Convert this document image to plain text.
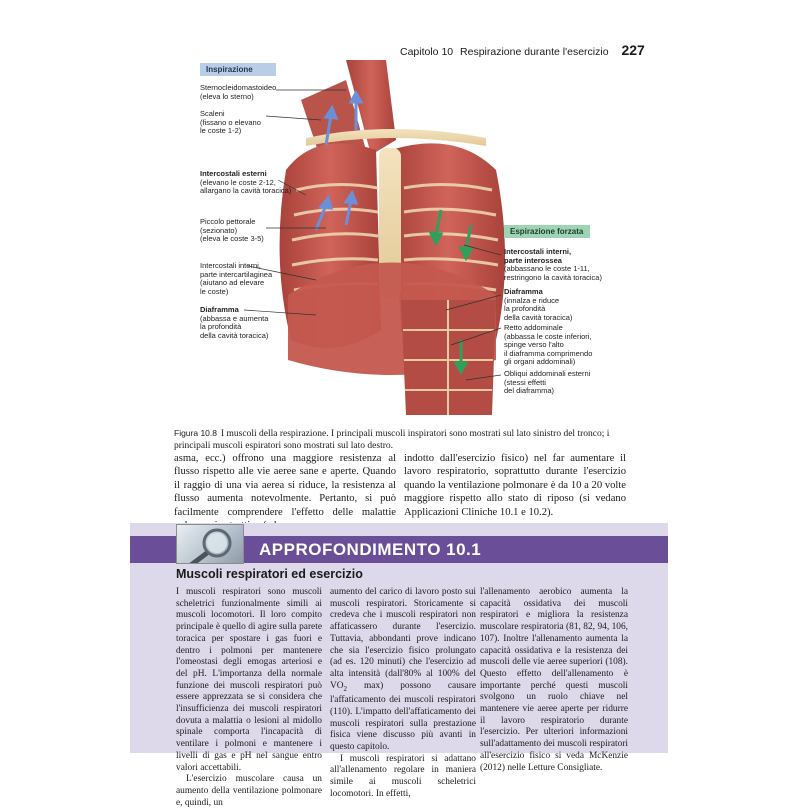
Capitolo 10 Respirazione durante l'esercizio 227
Inspirazione
Espirazione forzata
Sternocleidomastoideo
(eleva lo sterno)
Scaleni
(fissano o elevano
le coste 1-2)
Intercostali esterni
(elevano le coste 2-12,
allargano la cavità toracica)
Piccolo pettorale
(sezionato)
(eleva le coste 3-5)
Intercostali interni,
parte intercartilaginea
(aiutano ad elevare
le coste)
Diaframma
(abbassa e aumenta
la profondità
della cavità toracica)
Intercostali interni,
parte interossea
(abbassano le coste 1-11,
restringono la cavità toracica)
Diaframma
(innalza e riduce
la profondità
della cavità toracica)
Retto addominale
(abbassa le coste inferiori,
spinge verso l'alto
il diaframma comprimendo
gli organi addominali)
Obliqui addominali esterni
(stessi effetti
del diaframma)
Figura 10.8 I muscoli della respirazione. I principali muscoli inspiratori sono mostrati sul lato sinistro del tronco; i principali muscoli espiratori sono mostrati sul lato destro.
asma, ecc.) offrono una maggiore resistenza al flusso rispetto alle vie aeree sane e aperte. Quando il raggio di una via aerea si riduce, la resistenza al flusso aumenta notevolmente. Pertanto, si può facilmente comprendere l'effetto delle malattie
indotto dall'esercizio fisico) nel far aumentare il lavoro respiratorio, soprattutto durante l'esercizio quando la ventilazione polmonare è da 10 a 20 volte maggiore rispetto allo stato di riposo (si vedano Applicazioni Cliniche 10.1 e 10.2).
APPROFONDIMENTO 10.1
Muscoli respiratori ed esercizio
I muscoli respiratori sono muscoli scheletrici funzionalmente simili ai muscoli locomotori. Il loro compito principale è quello di agire sulla parete toracica per spostare i gas fuori e dentro i polmoni per mantenere l'omeostasi degli emogas arteriosi e del pH. L'importanza della normale funzione dei muscoli respiratori può essere apprezzata se si considera che l'insufficienza dei muscoli respiratori dovuta a malattia o lesioni al midollo spinale comporta l'incapacità di ventilare i polmoni e mantenere i livelli di gas e pH nel sangue entro valori accettabili.
L'esercizio muscolare causa un aumento della ventilazione polmonare e, quindi, un
aumento del carico di lavoro posto sui muscoli respiratori. Storicamente si credeva che i muscoli respiratori non affaticassero durante l'esercizio. Tuttavia, abbondanti prove indicano che sia l'esercizio fisico prolungato (ad es. 120 minuti) che l'esercizio ad alta intensità (dall'80% al 100% del $VO_2$ max) possono causare l'affaticamento dei muscoli respiratori (110). L'impatto dell'affaticamento dei muscoli respiratori sulla prestazione fisica viene discusso più avanti in questo capitolo.
I muscoli respiratori si adattano all'allenamento regolare in maniera simile ai muscoli scheletrici locomotori. In effetti,
l'allenamento aerobico aumenta la capacità ossidativa dei muscoli respiratori e migliora la resistenza muscolare respiratoria (81, 82, 94, 106, 107). Inoltre l'allenamento aumenta la capacità ossidativa e la resistenza dei muscoli delle vie aeree superiori (108). Questo effetto dell'allenamento è importante perché questi muscoli svolgono un ruolo chiave nel mantenere vie aeree aperte per ridurre il lavoro respiratorio durante l'esercizio. Per ulteriori informazioni sull'adattamento dei muscoli respiratori all'esercizio fisico si veda McKenzie (2012) nelle Letture Consigliate.
